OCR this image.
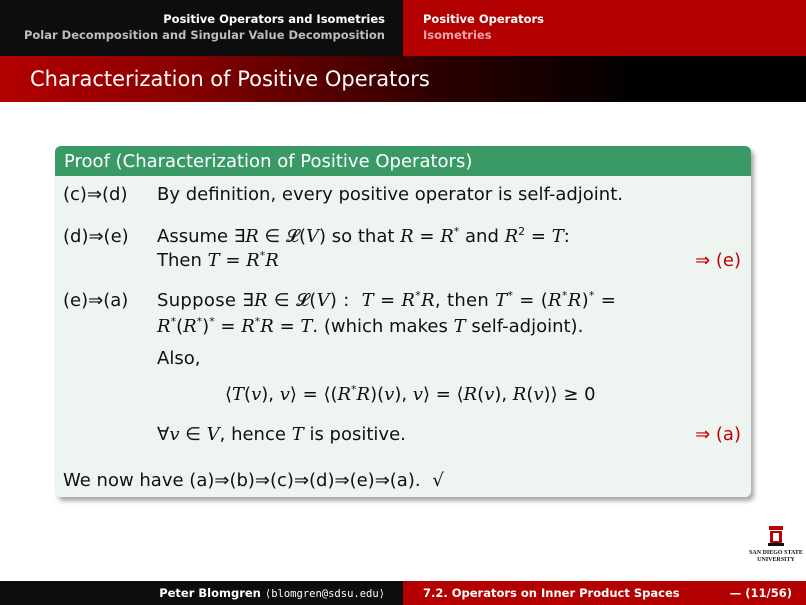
Positive Operators and Isometries
Polar Decomposition and Singular Value Decomposition
Positive Operators
Isometries
Characterization of Positive Operators
Proof (Characterization of Positive Operators)
(c)⇒(d) By definition, every positive operator is self-adjoint.
(d)⇒(e) Assume ∃R ∈ 𝓛(V) so that R = R* and $R^2 = T$:
Then T = R*R	⇒ (e)
(e)⇒(a) Suppose ∃R ∈ 𝓛(V) :  T = R*R, then T* = (R*R)* =
R*(R*)* = R*R = T. (which makes T self-adjoint).
Also,
⟨T(v), v⟩ = ⟨(R*R)(v), v⟩ = ⟨R(v), R(v)⟩ ≥ 0
∀v ∈ V, hence T is positive.	⇒ (a)
We now have (a)⇒(b)⇒(c)⇒(d)⇒(e)⇒(a). √
SAN DIEGO STATE
UNIVERSITY
Peter Blomgren ⟨blomgren@sdsu.edu⟩	7.2. Operators on Inner Product Spaces	— (11/56)
